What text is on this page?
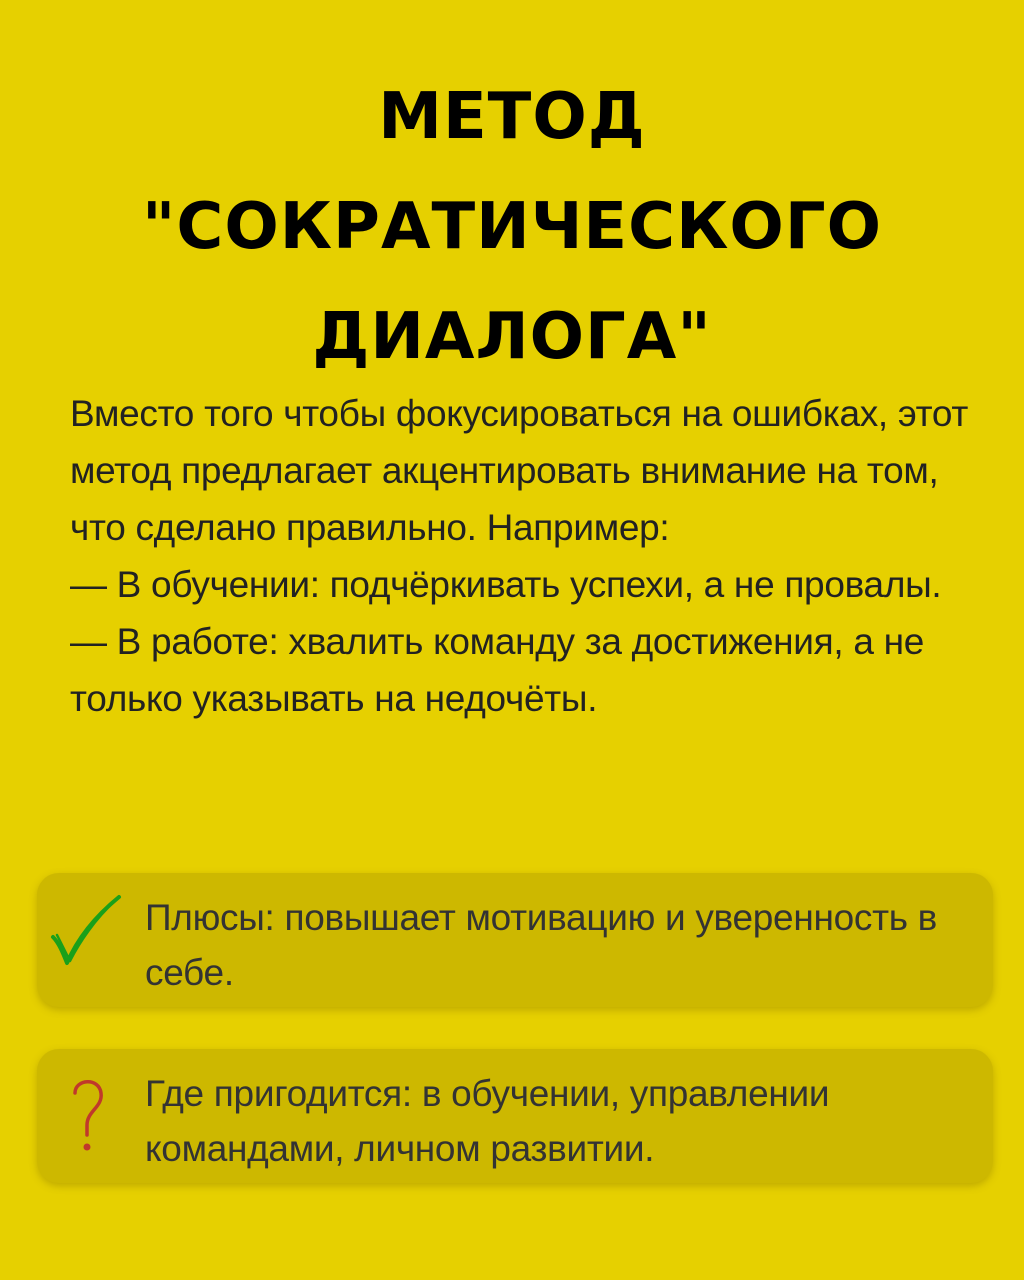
МЕТОД
"СОКРАТИЧЕСКОГО
ДИАЛОГА"

Вместо того чтобы фокусироваться на ошибках, этот метод предлагает акцентировать внимание на том, что сделано правильно. Например:

— В обучении: подчёркивать успехи, а не провалы.

— В работе: хвалить команду за достижения, а не только указывать на недочёты.

Плюсы: повышает мотивацию и уверенность в себе.
Где пригодится: в обучении, управлении командами, личном развитии.
